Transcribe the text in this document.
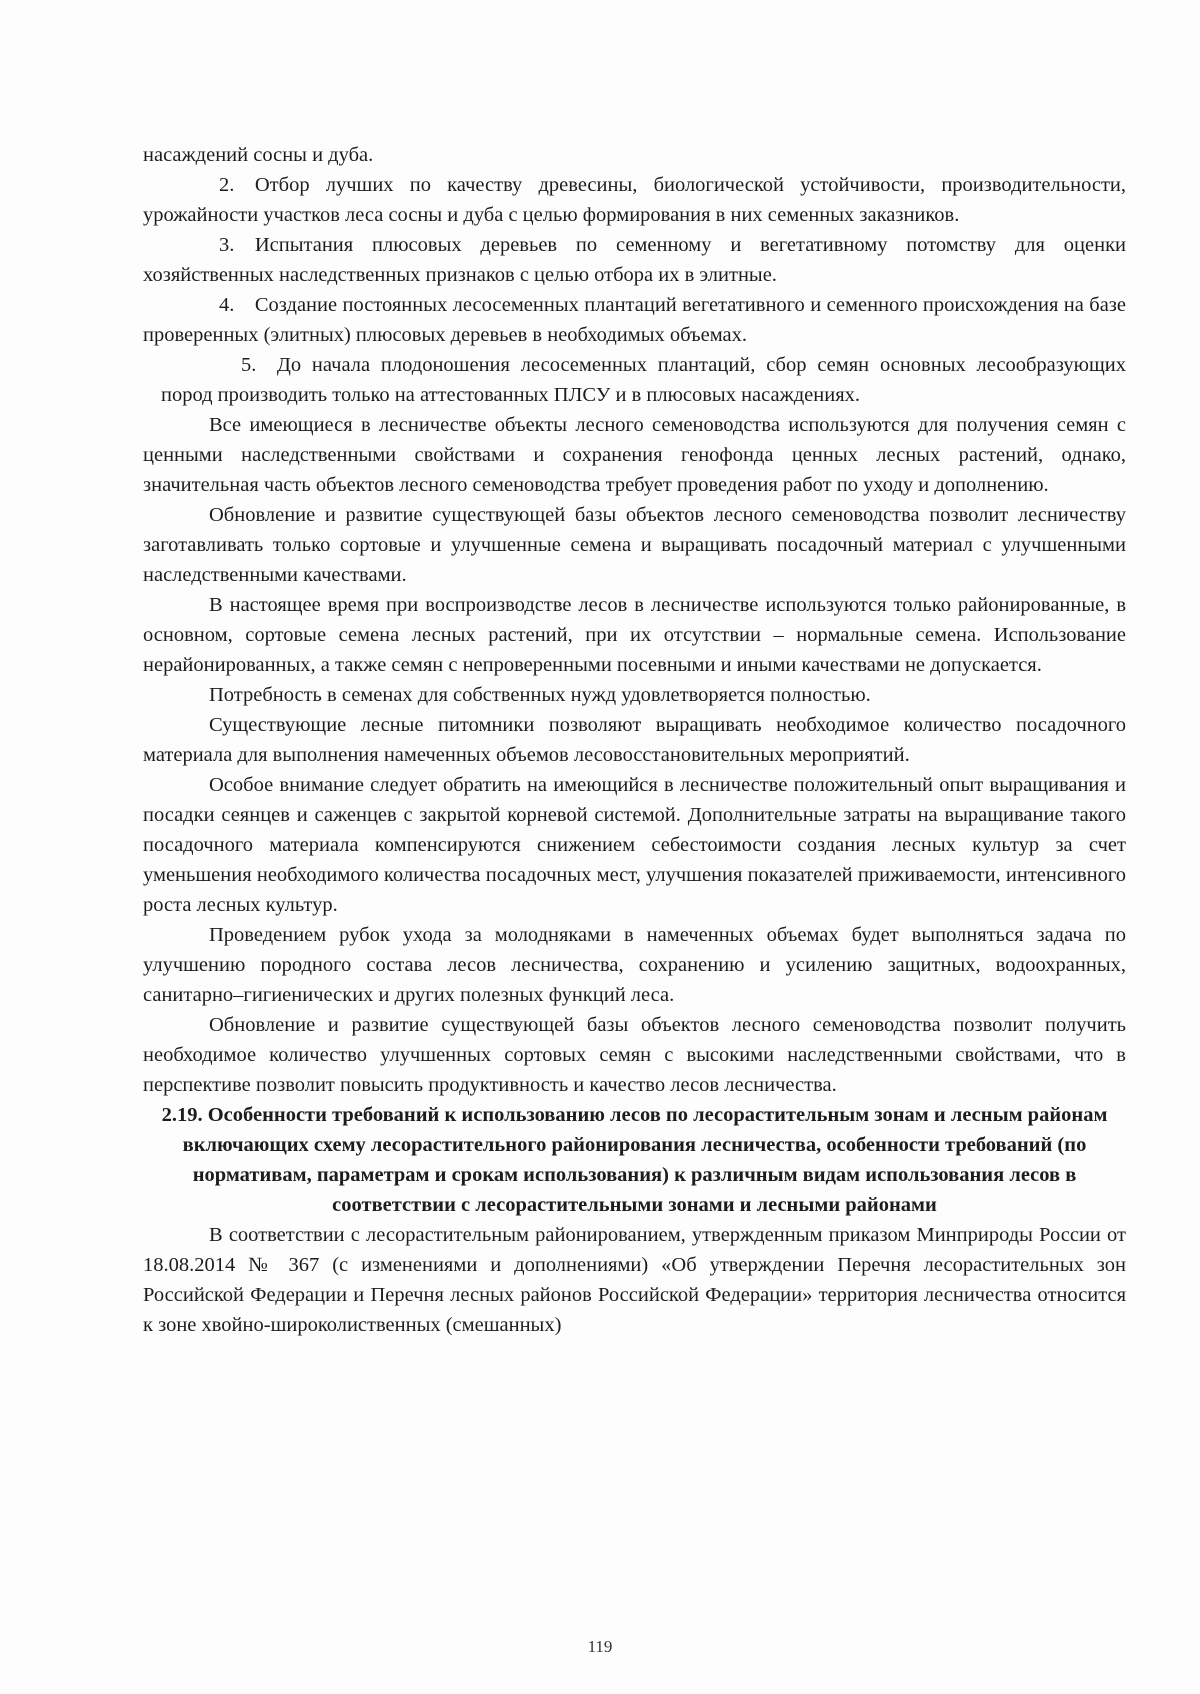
насаждений сосны и дуба.

2. Отбор лучших по качеству древесины, биологической устойчивости, производительности, урожайности участков леса сосны и дуба с целью формирования в них семенных заказников.

3. Испытания плюсовых деревьев по семенному и вегетативному потомству для оценки хозяйственных наследственных признаков с целью отбора их в элитные.

4. Создание постоянных лесосеменных плантаций вегетативного и семенного происхождения на базе проверенных (элитных) плюсовых деревьев в необходимых объемах.

5. До начала плодоношения лесосеменных плантаций, сбор семян основных лесообразующих пород производить только на аттестованных ПЛСУ и в плюсовых насаждениях.

Все имеющиеся в лесничестве объекты лесного семеноводства используются для получения семян с ценными наследственными свойствами и сохранения генофонда ценных лесных растений, однако, значительная часть объектов лесного семеноводства требует проведения работ по уходу и дополнению.

Обновление и развитие существующей базы объектов лесного семеноводства позволит лесничеству заготавливать только сортовые и улучшенные семена и выращивать посадочный материал с улучшенными наследственными качествами.

В настоящее время при воспроизводстве лесов в лесничестве используются только районированные, в основном, сортовые семена лесных растений, при их отсутствии – нормальные семена. Использование нерайонированных, а также семян с непроверенными посевными и иными качествами не допускается.

Потребность в семенах для собственных нужд удовлетворяется полностью.

Существующие лесные питомники позволяют выращивать необходимое количество посадочного материала для выполнения намеченных объемов лесовосстановительных мероприятий.

Особое внимание следует обратить на имеющийся в лесничестве положительный опыт выращивания и посадки сеянцев и саженцев с закрытой корневой системой. Дополнительные затраты на выращивание такого посадочного материала компенсируются снижением себестоимости создания лесных культур за счет уменьшения необходимого количества посадочных мест, улучшения показателей приживаемости, интенсивного роста лесных культур.

Проведением рубок ухода за молодняками в намеченных объемах будет выполняться задача по улучшению породного состава лесов лесничества, сохранению и усилению защитных, водоохранных, санитарно–гигиенических и других полезных функций леса.

Обновление и развитие существующей базы объектов лесного семеноводства позволит получить необходимое количество улучшенных сортовых семян с высокими наследственными свойствами, что в перспективе позволит повысить продуктивность и качество лесов лесничества.

2.19. Особенности требований к использованию лесов по лесорастительным зонам и лесным районам включающих схему лесорастительного районирования лесничества, особенности требований (по нормативам, параметрам и срокам использования) к различным видам использования лесов в соответствии с лесорастительными зонами и лесными районами

В соответствии с лесорастительным районированием, утвержденным приказом Минприроды России от 18.08.2014 № 367 (с изменениями и дополнениями) «Об утверждении Перечня лесорастительных зон Российской Федерации и Перечня лесных районов Российской Федерации» территория лесничества относится к зоне хвойно-широколиственных (смешанных)

119
